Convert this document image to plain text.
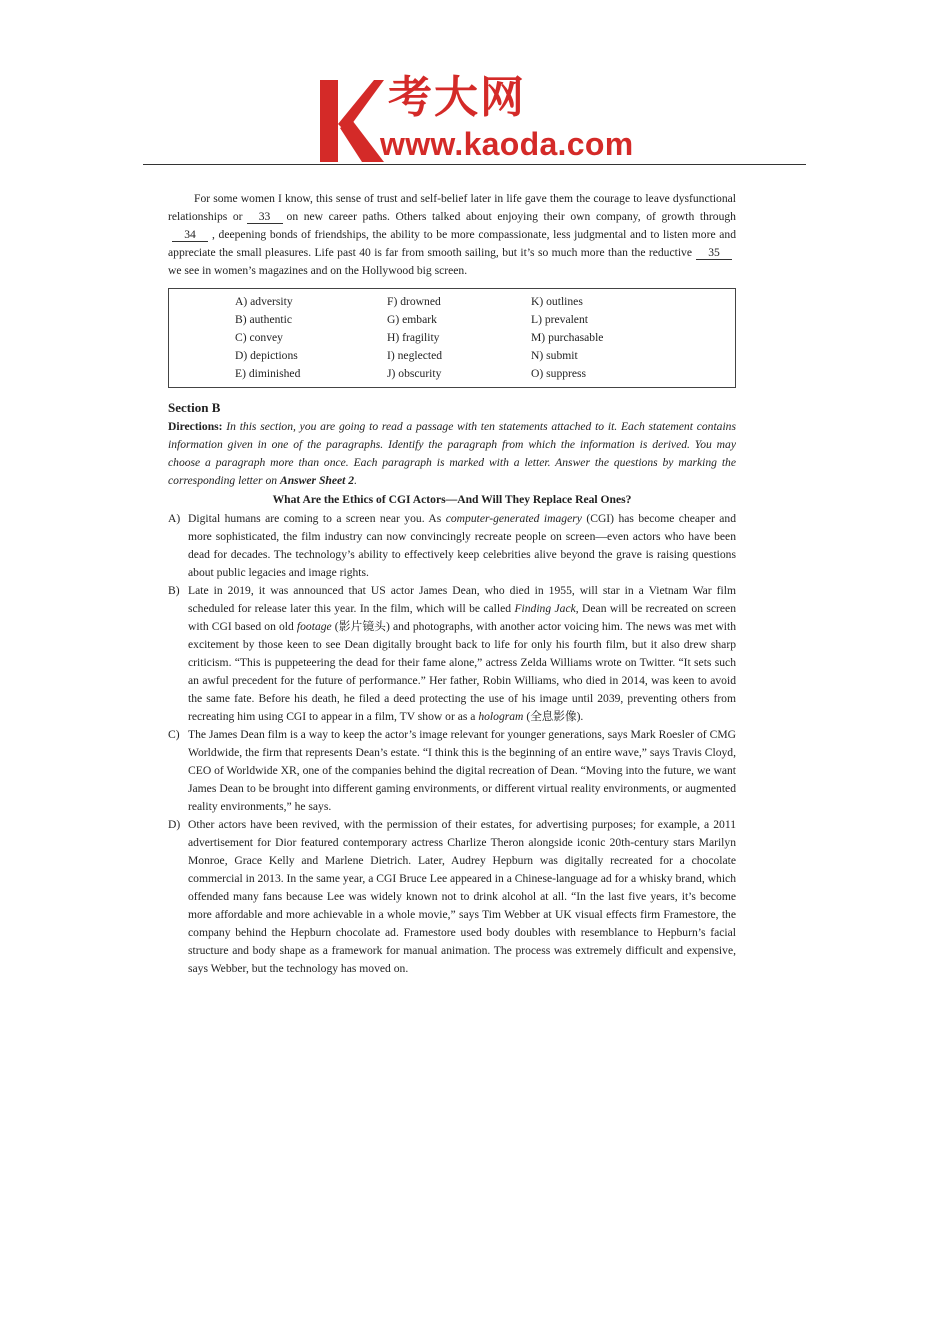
考大网
www.kaoda.com

For some women I know, this sense of trust and self-belief later in life gave them the courage to leave dysfunctional relationships or 33 on new career paths. Others talked about enjoying their own company, of growth through34 , deepening bonds of friendships, the ability to be more compassionate, less judgmental and to listen more and appreciate the small pleasures. Life past 40 is far from smooth sailing, but it’s so much more than the reductive 35we see in women’s magazines and on the Hollywood big screen.

A) adversity
B) authentic
C) convey
D) depictions
E) diminished
F) drowned
G) embark
H) fragility
I) neglected
J) obscurity
K) outlines
L) prevalent
M) purchasable
N) submit
O) suppress
Section B

Directions: In this section, you are going to read a passage with ten statements attached to it. Each statement contains information given in one of the paragraphs. Identify the paragraph from which the information is derived. You may choose a paragraph more than once. Each paragraph is marked with a letter. Answer the questions by marking the corresponding letter on Answer Sheet 2.

What Are the Ethics of CGI Actors—And Will They Replace Real Ones?

A) Digital humans are coming to a screen near you. As computer-generated imagery (CGI) has become cheaper and more sophisticated, the film industry can now convincingly recreate people on screen—even actors who have been dead for decades. The technology’s ability to effectively keep celebrities alive beyond the grave is raising questions about public legacies and image rights.
B) Late in 2019, it was announced that US actor James Dean, who died in 1955, will star in a Vietnam War film scheduled for release later this year. In the film, which will be called Finding Jack, Dean will be recreated on screen with CGI based on old footage (影片镜头) and photographs, with another actor voicing him. The news was met with excitement by those keen to see Dean digitally brought back to life for only his fourth film, but it also drew sharp criticism. “This is puppeteering the dead for their fame alone,” actress Zelda Williams wrote on Twitter. “It sets such an awful precedent for the future of performance.” Her father, Robin Williams, who died in 2014, was keen to avoid the same fate. Before his death, he filed a deed protecting the use of his image until 2039, preventing others from recreating him using CGI to appear in a film, TV show or as a hologram (全息影像).
C) The James Dean film is a way to keep the actor’s image relevant for younger generations, says Mark Roesler of CMG Worldwide, the firm that represents Dean’s estate. “I think this is the beginning of an entire wave,” says Travis Cloyd, CEO of Worldwide XR, one of the companies behind the digital recreation of Dean. “Moving into the future, we want James Dean to be brought into different gaming environments, or different virtual reality environments, or augmented reality environments,” he says.
D) Other actors have been revived, with the permission of their estates, for advertising purposes; for example, a 2011 advertisement for Dior featured contemporary actress Charlize Theron alongside iconic 20th-century stars Marilyn Monroe, Grace Kelly and Marlene Dietrich. Later, Audrey Hepburn was digitally recreated for a chocolate commercial in 2013. In the same year, a CGI Bruce Lee appeared in a Chinese-language ad for a whisky brand, which offended many fans because Lee was widely known not to drink alcohol at all. “In the last five years, it’s become more affordable and more achievable in a whole movie,” says Tim Webber at UK visual effects firm Framestore, the company behind the Hepburn chocolate ad. Framestore used body doubles with resemblance to Hepburn’s facial structure and body shape as a framework for manual animation. The process was extremely difficult and expensive, says Webber, but the technology has moved on.
